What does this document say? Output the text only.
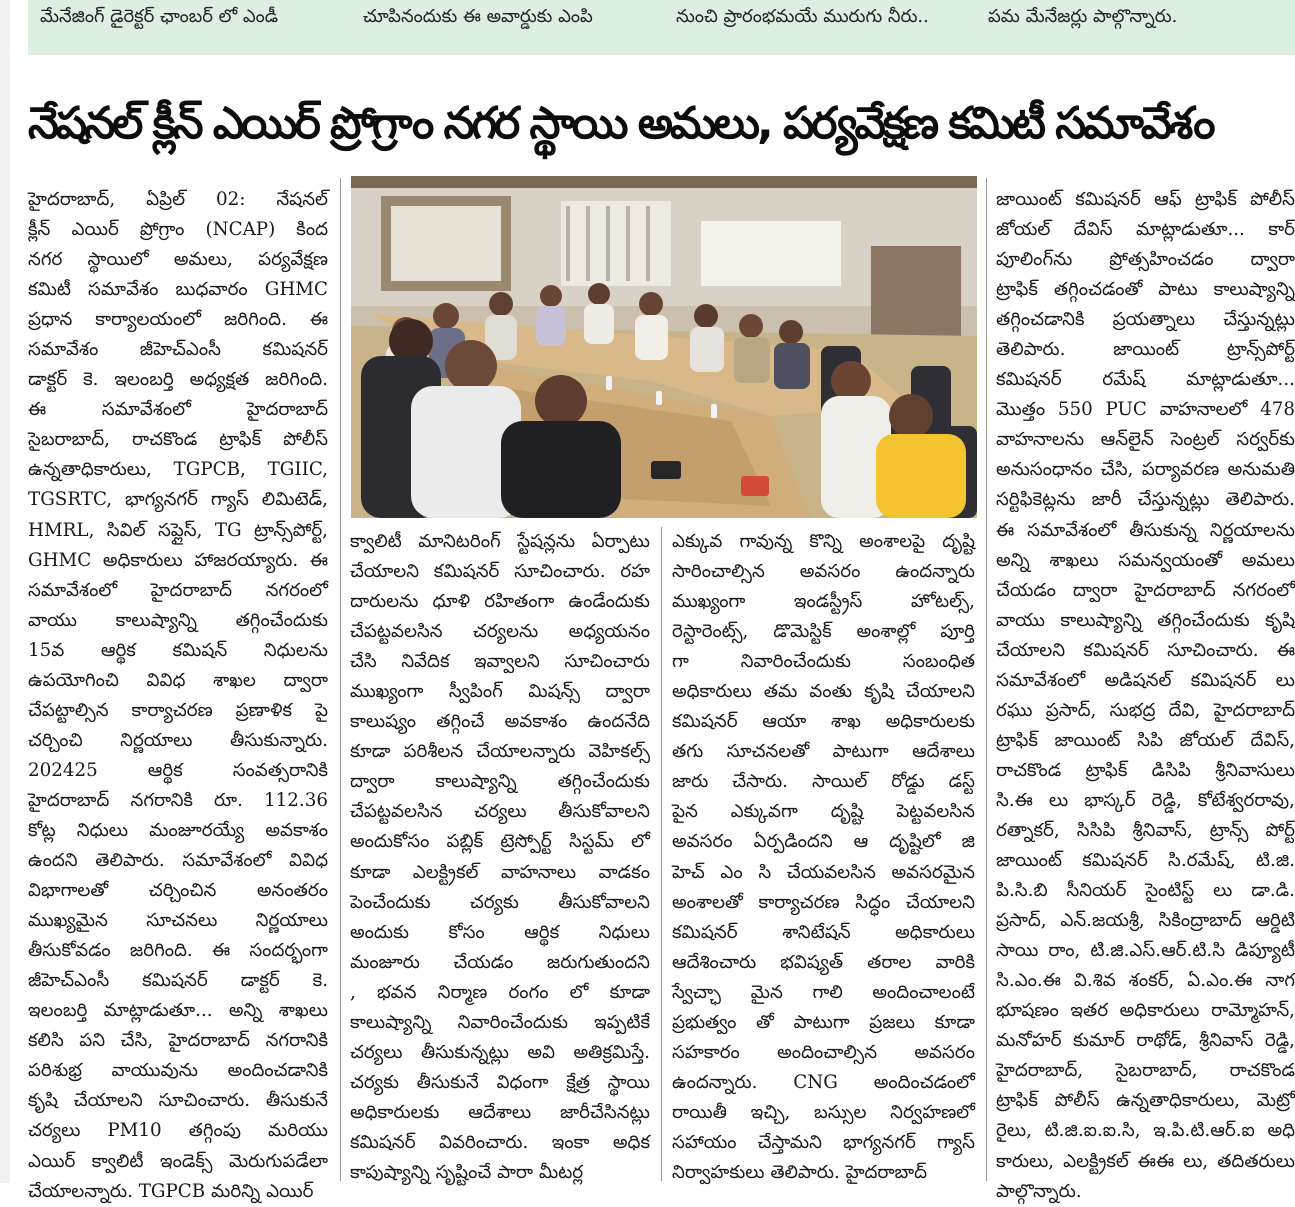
మేనేజింగ్ డైరెక్టర్ ఛాంబర్ లో ఎండీ	చూపినందుకు ఈ అవార్డుకు ఎంపి	నుంచి ప్రారంభమయే మురుగు నీరు..	పమ మేనేజర్లు పాల్గొన్నారు.
నేషనల్ క్లీన్ ఎయిర్ ప్రోగ్రాం నగర స్థాయి అమలు, పర్యవేక్షణ కమిటీ సమావేశం
హైదరాబాద్, ఏప్రిల్ 02: నేషనల్
క్లీన్ ఎయిర్ ప్రోగ్రాం (NCAP) కింద
నగర స్థాయిలో అమలు, పర్యవేక్షణ
కమిటీ సమావేశం బుధవారం GHMC
ప్రధాన కార్యాలయంలో జరిగింది. ఈ
సమావేశం జీహెచ్ఎంసీ కమిషనర్
డాక్టర్ కె. ఇలంబర్తి అధ్యక్షత జరిగింది.
ఈ సమావేశంలో హైదరాబాద్
సైబరాబాద్, రాచకొండ ట్రాఫిక్ పోలీస్
ఉన్నతాధికారులు, TGPCB, TGIIC,
TGSRTC, భాగ్యనగర్ గ్యాస్ లిమిటెడ్,
HMRL, సివిల్ సప్లైస్, TG ట్రాన్స్‌పోర్ట్,
GHMC అధికారులు హాజరయ్యారు. ఈ
సమావేశంలో హైదరాబాద్ నగరంలో
వాయు కాలుష్యాన్ని తగ్గించేందుకు
15వ ఆర్థిక కమిషన్ నిధులను
ఉపయోగించి వివిధ శాఖల ద్వారా
చేపట్టాల్సిన కార్యాచరణ ప్రణాళిక పై
చర్చించి నిర్ణయాలు తీసుకున్నారు.
202425 ఆర్థిక సంవత్సరానికి
హైదరాబాద్ నగరానికి రూ. 112.36
కోట్ల నిధులు మంజూరయ్యే అవకాశం
ఉందని తెలిపారు. సమావేశంలో వివిధ
విభాగాలతో చర్చించిన అనంతరం
ముఖ్యమైన సూచనలు నిర్ణయాలు
తీసుకోవడం జరిగింది. ఈ సందర్భంగా
జీహెచ్ఎంసీ కమిషనర్ డాక్టర్ కె.
ఇలంబర్తి మాట్లాడుతూ... అన్ని శాఖలు
కలిసి పని చేసి, హైదరాబాద్ నగరానికి
పరిశుభ్ర వాయువును అందించడానికి
కృషి చేయాలని సూచించారు. తీసుకునే
చర్యలు PM10 తగ్గింపు మరియు
ఎయిర్ క్వాలిటీ ఇండెక్స్ మెరుగుపడేలా
చేయాలన్నారు. TGPCB మరిన్ని ఎయిర్
క్వాలిటీ మానిటరింగ్ స్టేషన్లను ఏర్పాటు
చేయాలని కమిషనర్ సూచించారు. రహ
దారులను ధూళి రహితంగా ఉండేందుకు
చేపట్టవలసిన చర్యలను అధ్యయనం
చేసి నివేదిక ఇవ్వాలని సూచించారు
ముఖ్యంగా స్వీపింగ్ మిషన్స్ ద్వారా
కాలుష్యం తగ్గించే అవకాశం ఉందనేది
కూడా పరిశీలన చేయాలన్నారు వెహికల్స్
ద్వారా కాలుష్యాన్ని తగ్గించేందుకు
చేపట్టవలసిన చర్యలు తీసుకోవాలని
అందుకోసం పబ్లిక్ ట్రెస్పోర్ట్ సిస్టమ్ లో
కూడా ఎలక్ట్రికల్ వాహనాలు వాడకం
పెంచేందుకు చర్యకు తీసుకోవాలని
అందుకు కోసం ఆర్థిక నిధులు
మంజూరు చేయడం జరుగుతుందని
, భవన నిర్మాణ రంగం లో కూడా
కాలుష్యాన్ని నివారించేందుకు ఇప్పటికే
చర్యలు తీసుకున్నట్లు అవి అతిక్రమిస్తే.
చర్యకు తీసుకునే విధంగా క్షేత్ర స్థాయి
అధికారులకు ఆదేశాలు జారీచేసినట్లు
కమిషనర్ వివరించారు. ఇంకా అధిక
కాపుష్యాన్ని సృష్టించే పారా మీటర్ల
ఎక్కువ గావున్న కొన్ని అంశాలపై దృష్టి
సారించాల్సిన అవసరం ఉందన్నారు
ముఖ్యంగా ఇండస్ట్రీస్ హోటల్స్,
రెస్టారెంట్స్, డొమెస్టిక్ అంశాల్లో పూర్తి
గా నివారించేందుకు సంబంధిత
అధికారులు తమ వంతు కృషి చేయాలని
కమిషనర్ ఆయా శాఖ అధికారులకు
తగు సూచనలతో పాటుగా ఆదేశాలు
జారు చేసారు. సాయిల్ రోడ్డు డస్ట్
పైన ఎక్కువగా దృష్టి పెట్టవలసిన
అవసరం ఏర్పడిందని ఆ దృష్టిలో జి
హెచ్ ఎం సి చేయవలసిన అవసరమైన
అంశాలతో కార్యాచరణ సిద్ధం చేయాలని
కమిషనర్ శానిటేషన్ అధికారులు
ఆదేశించారు భవిష్యత్ తరాల వారికి
స్వేచ్ఛా మైన గాలి అందించాలంటే
ప్రభుత్వం తో పాటుగా ప్రజలు కూడా
సహకారం అందించాల్సిన అవసరం
ఉందన్నారు. CNG అందించడంలో
రాయితీ ఇచ్చి, బస్సుల నిర్వహణలో
సహాయం చేస్తామని భాగ్యనగర్ గ్యాస్
నిర్వాహకులు తెలిపారు. హైదరాబాద్
జాయింట్ కమిషనర్ ఆఫ్ ట్రాఫిక్ పోలీస్
జోయల్ దేవిస్ మాట్లాడుతూ... కార్
పూలింగ్‌ను ప్రోత్సహించడం ద్వారా
ట్రాఫిక్ తగ్గించడంతో పాటు కాలుష్యాన్ని
తగ్గించడానికి ప్రయత్నాలు చేస్తున్నట్లు
తెలిపారు. జాయింట్ ట్రాన్స్‌పోర్ట్
కమిషనర్ రమేష్ మాట్లాడుతూ...
మొత్తం 550 PUC వాహనాలలో 478
వాహనాలను ఆన్‌లైన్ సెంట్రల్ సర్వర్‌కు
అనుసంధానం చేసి, పర్యావరణ అనుమతి
సర్టిఫికెట్లను జారీ చేస్తున్నట్లు తెలిపారు.
ఈ సమావేశంలో తీసుకున్న నిర్ణయాలను
అన్ని శాఖలు సమన్వయంతో అమలు
చేయడం ద్వారా హైదరాబాద్ నగరంలో
వాయు కాలుష్యాన్ని తగ్గించేందుకు కృషి
చేయాలని కమిషనర్ సూచించారు. ఈ
సమావేశంలో అడిషనల్ కమిషనర్ లు
రఘు ప్రసాద్, సుభద్ర దేవి, హైదరాబాద్
ట్రాఫిక్ జాయింట్ సిపి జోయల్ దేవిస్,
రాచకొండ ట్రాఫిక్ డిసిపి శ్రీనివాసులు
సి.ఈ లు భాస్కర్ రెడ్డి, కోటేశ్వరరావు,
రత్నాకర్, సిసిపి శ్రీనివాస్, ట్రాన్స్ పోర్ట్
జాయింట్ కమిషనర్ సి.రమేష్, టి.జి.
పి.సి.బి సీనియర్ సైంటిస్ట్ లు డా.డి.
ప్రసాద్, ఎన్.జయశ్రీ, సికింద్రాబాద్ ఆర్డిటి
సాయి రాం, టి.జి.ఎస్.ఆర్.టి.సి డిప్యూటీ
సి.ఎం.ఈ వి.శివ శంకర్, ఏ.ఎం.ఈ నాగ
భూషణం ఇతర అధికారులు రామ్మోహన్,
మనోహర్ కుమార్ రాథోడ్, శ్రీనివాస్ రెడ్డి,
హైదరాబాద్, సైబరాబాద్, రాచకొండ
ట్రాఫిక్ పోలీస్ ఉన్నతాధికారులు, మెట్రో
రైలు, టి.జి.ఐ.ఐ.సి, ఇ.పి.టి.ఆర్.ఐ అధి
కారులు, ఎలక్ట్రికల్ ఈఈ లు, తదితరులు
పాల్గొన్నారు.
